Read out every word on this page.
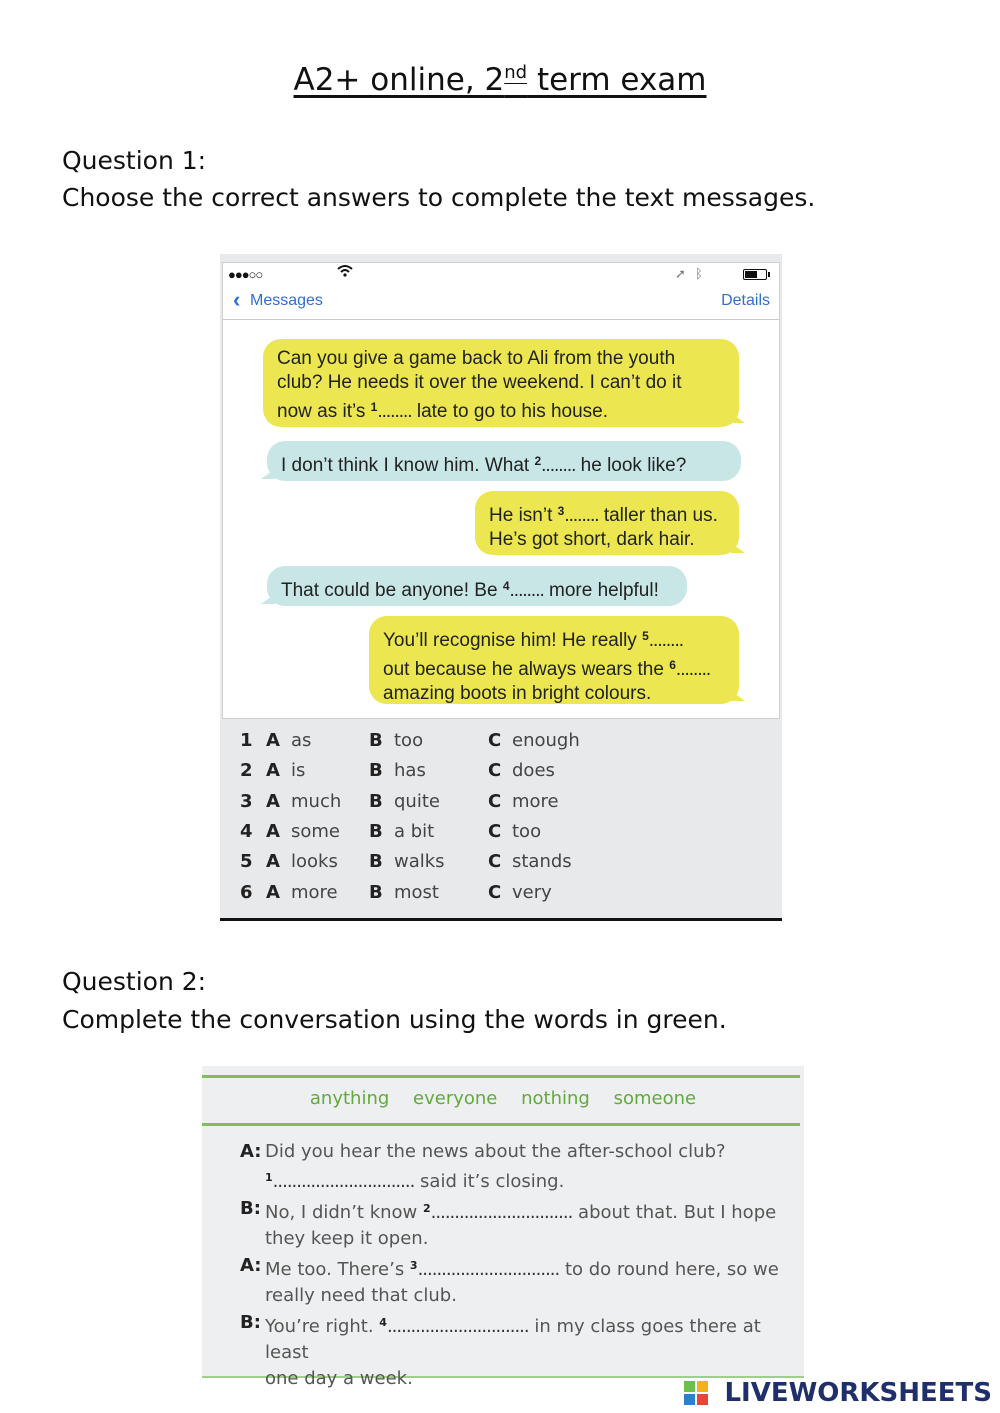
A2+ online, 2nd term exam
Question 1:
Choose the correct answers to complete the text messages.
●●●○○	➚ ᛒ
‹ Messages	Details
Can you give a game back to Ali from the youth
club? He needs it over the weekend. I can’t do it
now as it’s $^1$........ late to go to his house.
I don’t think I know him. What $^2$........ he look like?
He isn’t $^3$........ taller than us.
He’s got short, dark hair.
That could be anyone! Be $^4$........ more helpful!
You’ll recognise him! He really $^5$........
out because he always wears the $^6$........
amazing boots in bright colours.
1 A as	B too	C enough
2 A is	B has	C does
3 A much B quite	C more
4 A some B a bit	C too
5 A looks B walks C stands
6 A more B most	C very
Question 2:
Complete the conversation using the words in green.
anything everyone nothing someone
A: Did you hear the news about the after-school club?
$^1$.............................. said it’s closing.
B: No, I didn’t know $^2$.............................. about that. But I hope
they keep it open.
A: Me too. There’s $^3$.............................. to do round here, so we
really need that club.
B: You’re right. $^4$.............................. in my class goes there at least
one day a week.	LIVEWORKSHEETS
